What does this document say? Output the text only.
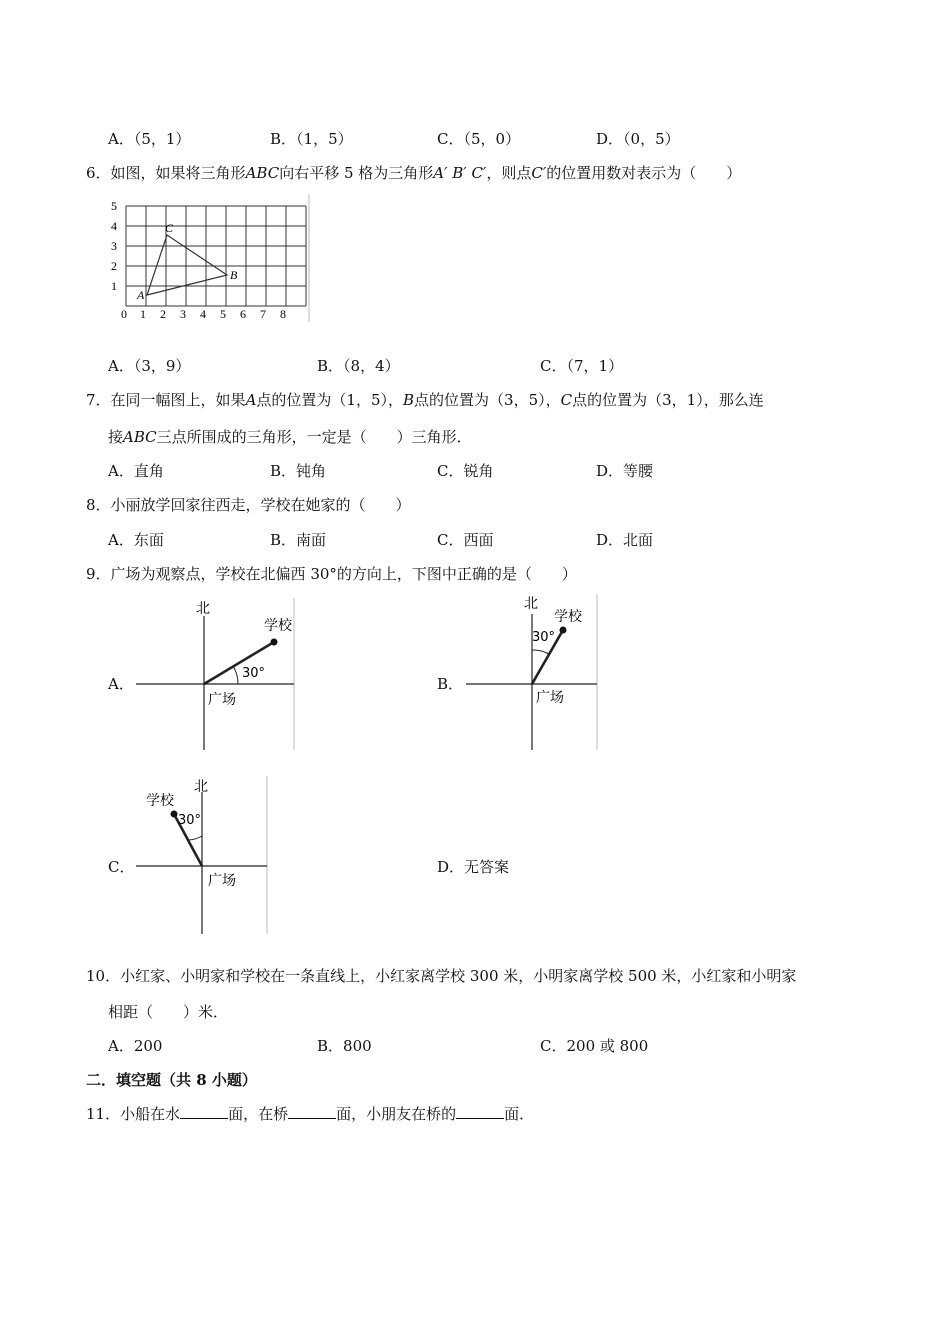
A．（5，1）	B．（1，5）	C．（5，0）	D．（0，5）
6．如图，如果将三角形ABC向右平移 5 格为三角形A′ B′ C′，则点C′的位置用数对表示为（　　）
0 1 2 3 4 5 6 7 8
1
2
3
4
5
A
B
C
A．（3，9）	B．（8，4）	C．（7，1）
7．在同一幅图上，如果A点的位置为（1，5），B点的位置为（3，5），C点的位置为（3，1），那么连
接ABC三点所围成的三角形，一定是（　　）三角形．
A．直角	B．钝角	C．锐角	D．等腰
8．小丽放学回家往西走，学校在她家的（　　）
A．东面	B．南面	C．西面	D．北面
9．广场为观察点，学校在北偏西 30°的方向上，下图中正确的是（　　）
A．
北
学校
30°
广场
B．
北
学校
30°
广场
C．
北
学校
30°
广场
D．无答案
10．小红家、小明家和学校在一条直线上，小红家离学校 300 米，小明家离学校 500 米，小红家和小明家
相距（　　）米．
A．200	B．800	C．200 或 800
二．填空题（共 8 小题）
11．小船在水	面，在桥	面，小朋友在桥的	面．
